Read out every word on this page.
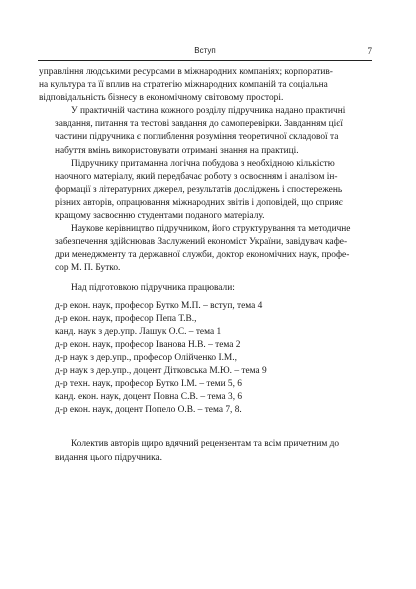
Вступ	7

управління людськими ресурсами в міжнародних компаніях; корпоратив-
на культура та її вплив на стратегію міжнародних компаній та соціальна
відповідальність бізнесу в економічному світовому просторі.

У практичній частина кожного розділу підручника надано практичні
завдання, питання та тестові завдання до самоперевірки. Завданням цієї
частини підручника є поглиблення розуміння теоретичної складової та
набуття вмінь використовувати отримані знання на практиці.

Підручнику притаманна логічна побудова з необхідною кількістю
наочного матеріалу, який передбачає роботу з освоєнням і аналізом ін-
формації з літературних джерел, результатів досліджень і спостережень
різних авторів, опрацювання міжнародних звітів і доповідей, що сприяє
кращому засвоєнню студентами поданого матеріалу.

Наукове керівництво підручником, його структурування та методичне
забезпечення здійснював Заслужений економіст України, завідувач кафе-
дри менеджменту та державної служби, доктор економічних наук, профе-
сор М. П. Бутко.

Над підготовкою підручника працювали:

д-р екон. наук, професор Бутко М.П. – вступ, тема 4
д-р екон. наук, професор Пепа Т.В.,
канд. наук з дер.упр. Лашук О.С. – тема 1
д-р екон. наук, професор Іванова Н.В. – тема 2
д-р наук з дер.упр., професор Олійченко І.М.,
д-р наук з дер.упр., доцент Дітковська М.Ю. – тема 9
д-р техн. наук, професор Бутко І.М. – теми 5, 6
канд. екон. наук, доцент Повна С.В. – тема 3, 6
д-р екон. наук, доцент Попело О.В. – тема 7, 8.

Колектив авторів щиро вдячний рецензентам та всім причетним до
видання цього підручника.
